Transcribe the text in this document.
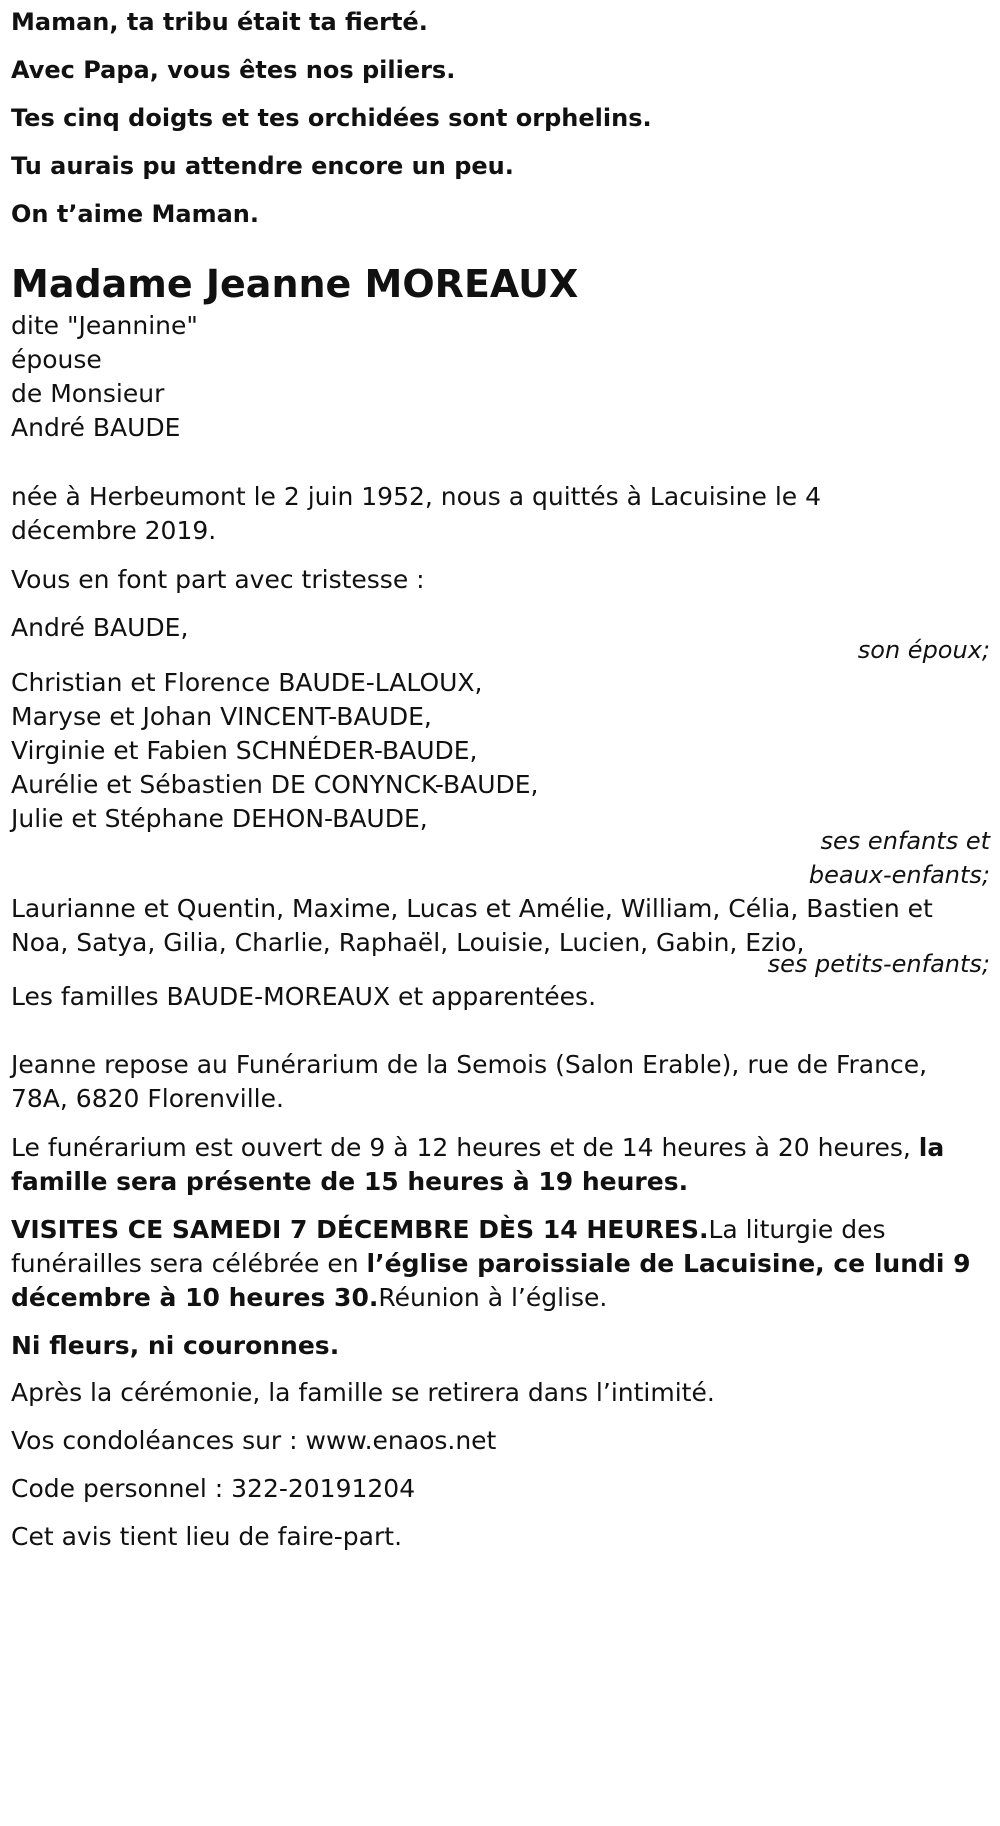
Maman, ta tribu était ta fierté.
Avec Papa, vous êtes nos piliers.
Tes cinq doigts et tes orchidées sont orphelins.
Tu aurais pu attendre encore un peu.
On t’aime Maman.
Madame Jeanne MOREAUX
dite "Jeannine"
épouse
de Monsieur
André BAUDE
née à Herbeumont le 2 juin 1952, nous a quittés à Lacuisine le 4
décembre 2019.
Vous en font part avec tristesse :
André BAUDE,
son époux;
Christian et Florence BAUDE-LALOUX,
Maryse et Johan VINCENT-BAUDE,
Virginie et Fabien SCHNÉDER-BAUDE,
Aurélie et Sébastien DE CONYNCK-BAUDE,
Julie et Stéphane DEHON-BAUDE,
ses enfants et
beaux-enfants;
Laurianne et Quentin, Maxime, Lucas et Amélie, William, Célia, Bastien et
Noa, Satya, Gilia, Charlie, Raphaël, Louisie, Lucien, Gabin, Ezio,
ses petits-enfants;
Les familles BAUDE-MOREAUX et apparentées.
Jeanne repose au Funérarium de la Semois (Salon Erable), rue de France,
78A, 6820 Florenville.
Le funérarium est ouvert de 9 à 12 heures et de 14 heures à 20 heures, la
famille sera présente de 15 heures à 19 heures.
VISITES CE SAMEDI 7 DÉCEMBRE DÈS 14 HEURES.La liturgie des
funérailles sera célébrée en l’église paroissiale de Lacuisine, ce lundi 9
décembre à 10 heures 30.Réunion à l’église.
Ni fleurs, ni couronnes.
Après la cérémonie, la famille se retirera dans l’intimité.
Vos condoléances sur : www.enaos.net
Code personnel : 322-20191204
Cet avis tient lieu de faire-part.
